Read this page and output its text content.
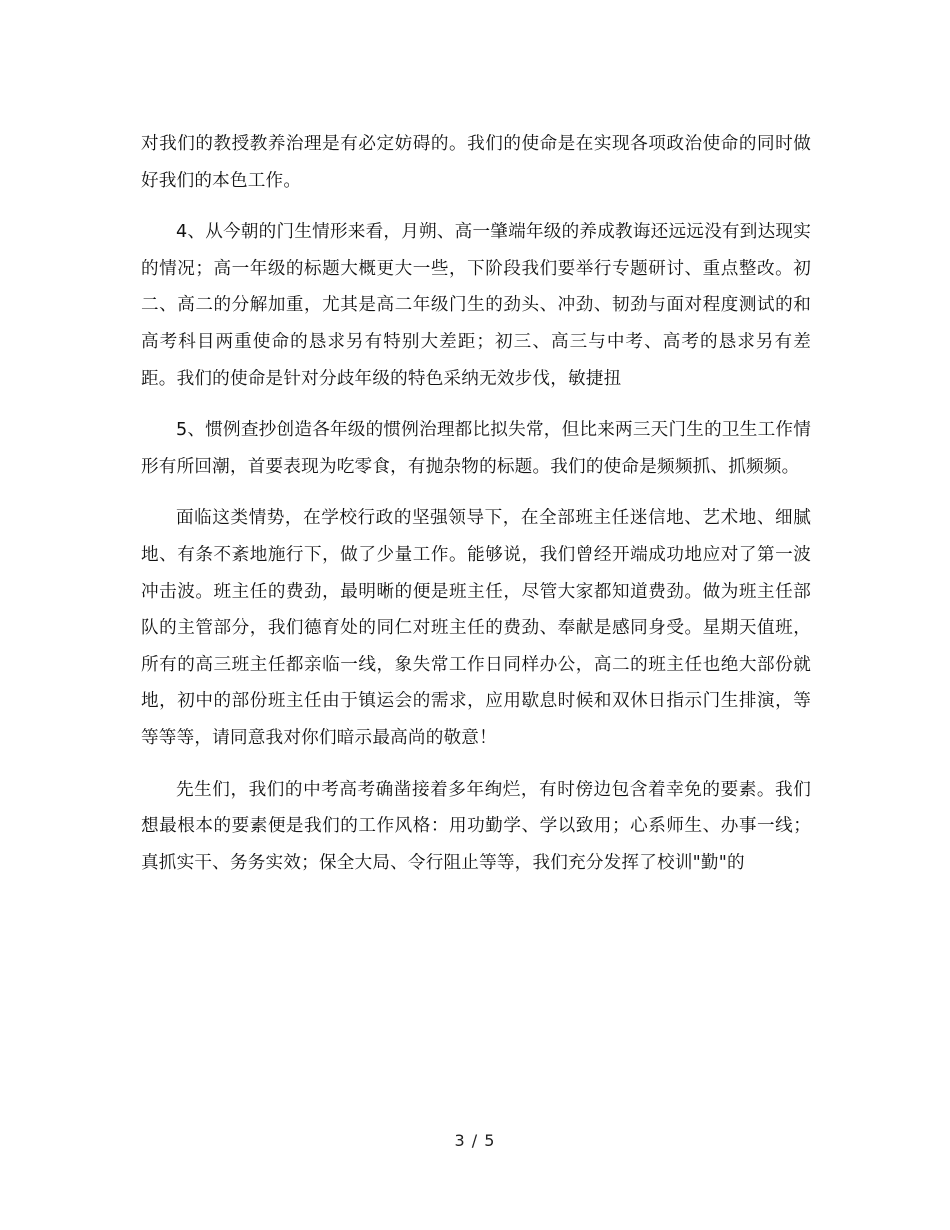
对我们的教授教养治理是有必定妨碍的。我们的使命是在实现各项政治使命的同时做好我们的本色工作。

4、从今朝的门生情形来看，月朔、高一肇端年级的养成教诲还远远没有到达现实的情况；高一年级的标题大概更大一些，下阶段我们要举行专题研讨、重点整改。初二、高二的分解加重，尤其是高二年级门生的劲头、冲劲、韧劲与面对程度测试的和高考科目两重使命的恳求另有特别大差距；初三、高三与中考、高考的恳求另有差距。我们的使命是针对分歧年级的特色采纳无效步伐，敏捷扭

5、惯例查抄创造各年级的惯例治理都比拟失常，但比来两三天门生的卫生工作情形有所回潮，首要表现为吃零食，有抛杂物的标题。我们的使命是频频抓、抓频频。

面临这类情势，在学校行政的坚强领导下，在全部班主任迷信地、艺术地、细腻地、有条不紊地施行下，做了少量工作。能够说，我们曾经开端成功地应对了第一波冲击波。班主任的费劲，最明晰的便是班主任，尽管大家都知道费劲。做为班主任部队的主管部分，我们德育处的同仁对班主任的费劲、奉献是感同身受。星期天值班，所有的高三班主任都亲临一线，象失常工作日同样办公，高二的班主任也绝大部份就地，初中的部份班主任由于镇运会的需求，应用歇息时候和双休日指示门生排演，等等等等，请同意我对你们暗示最高尚的敬意！

先生们，我们的中考高考确凿接着多年绚烂，有时傍边包含着幸免的要素。我们想最根本的要素便是我们的工作风格：用功勤学、学以致用；心系师生、办事一线；真抓实干、务务实效；保全大局、令行阻止等等，我们充分发挥了校训"勤"的

3 / 5
